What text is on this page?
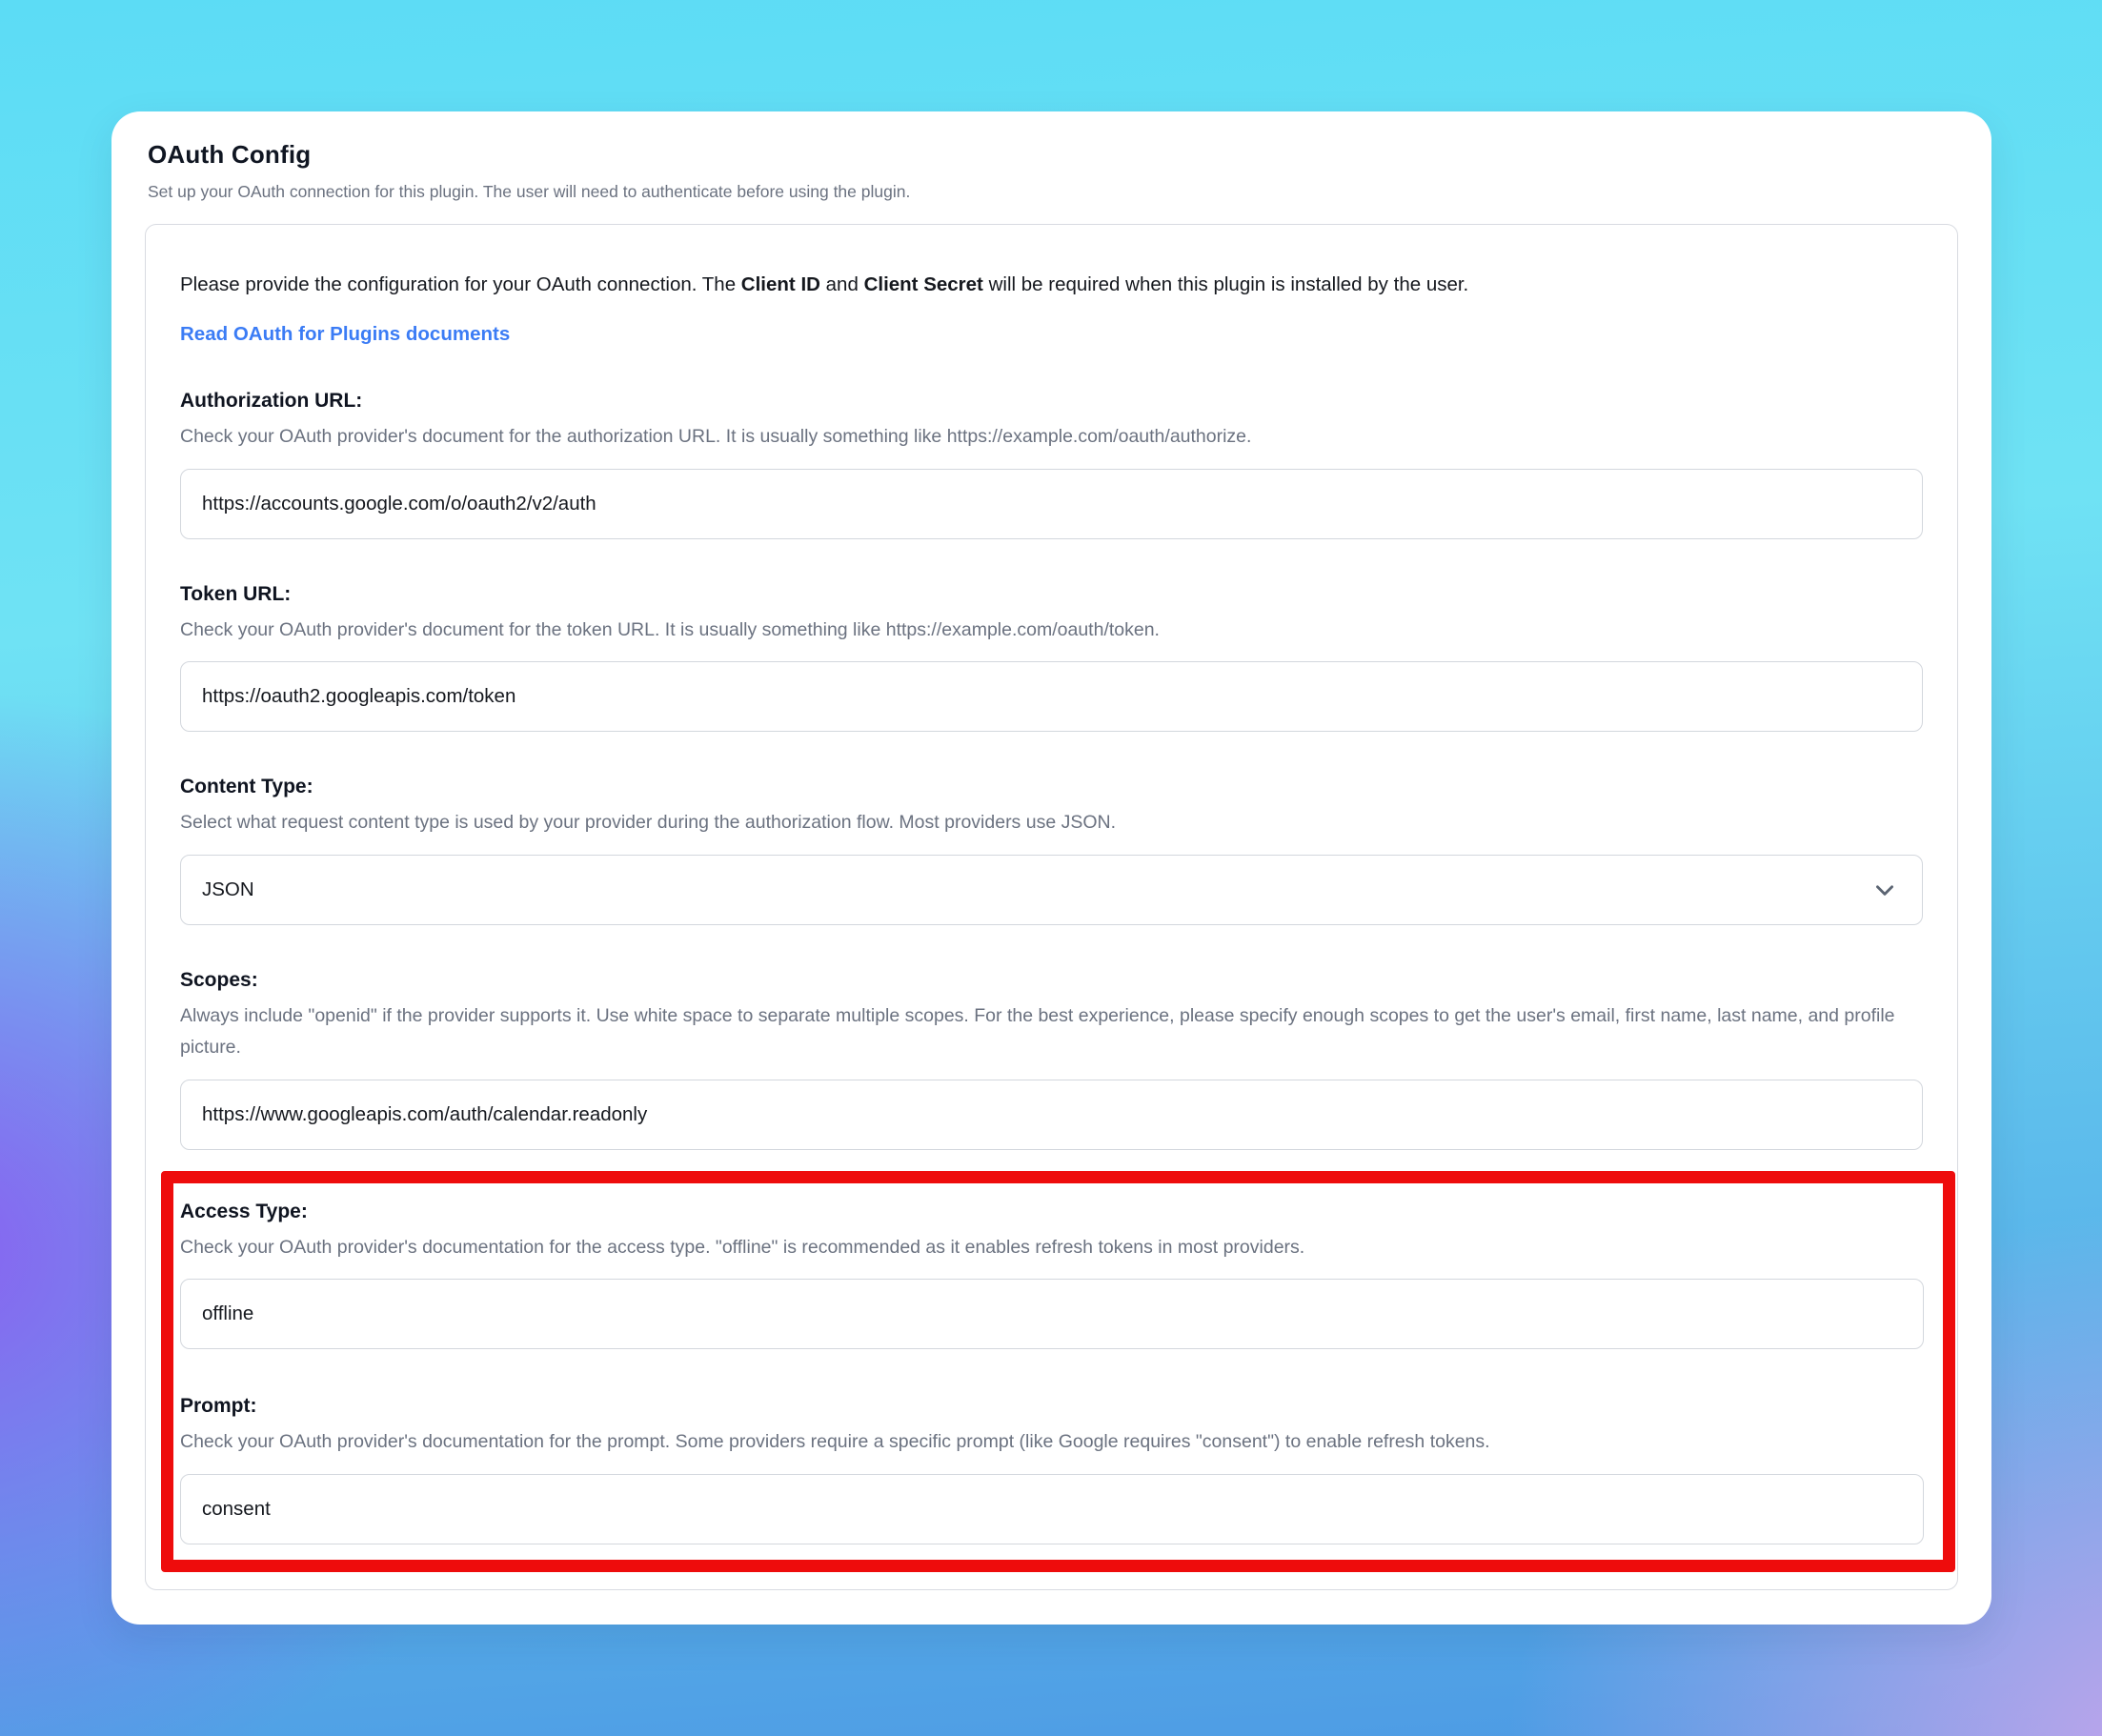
OAuth Config
Set up your OAuth connection for this plugin. The user will need to authenticate before using the plugin.
Please provide the configuration for your OAuth connection. The Client ID and Client Secret will be required when this plugin is installed by the user.
Read OAuth for Plugins documents
Authorization URL:
Check your OAuth provider's document for the authorization URL. It is usually something like https://example.com/oauth/authorize.
https://accounts.google.com/o/oauth2/v2/auth
Token URL:
Check your OAuth provider's document for the token URL. It is usually something like https://example.com/oauth/token.
https://oauth2.googleapis.com/token
Content Type:
Select what request content type is used by your provider during the authorization flow. Most providers use JSON.
JSON
Scopes:
Always include "openid" if the provider supports it. Use white space to separate multiple scopes. For the best experience, please specify enough scopes to get the user's email, first name, last name, and profile picture.
https://www.googleapis.com/auth/calendar.readonly
Access Type:
Check your OAuth provider's documentation for the access type. "offline" is recommended as it enables refresh tokens in most providers.
offline
Prompt:
Check your OAuth provider's documentation for the prompt. Some providers require a specific prompt (like Google requires "consent") to enable refresh tokens.
consent
